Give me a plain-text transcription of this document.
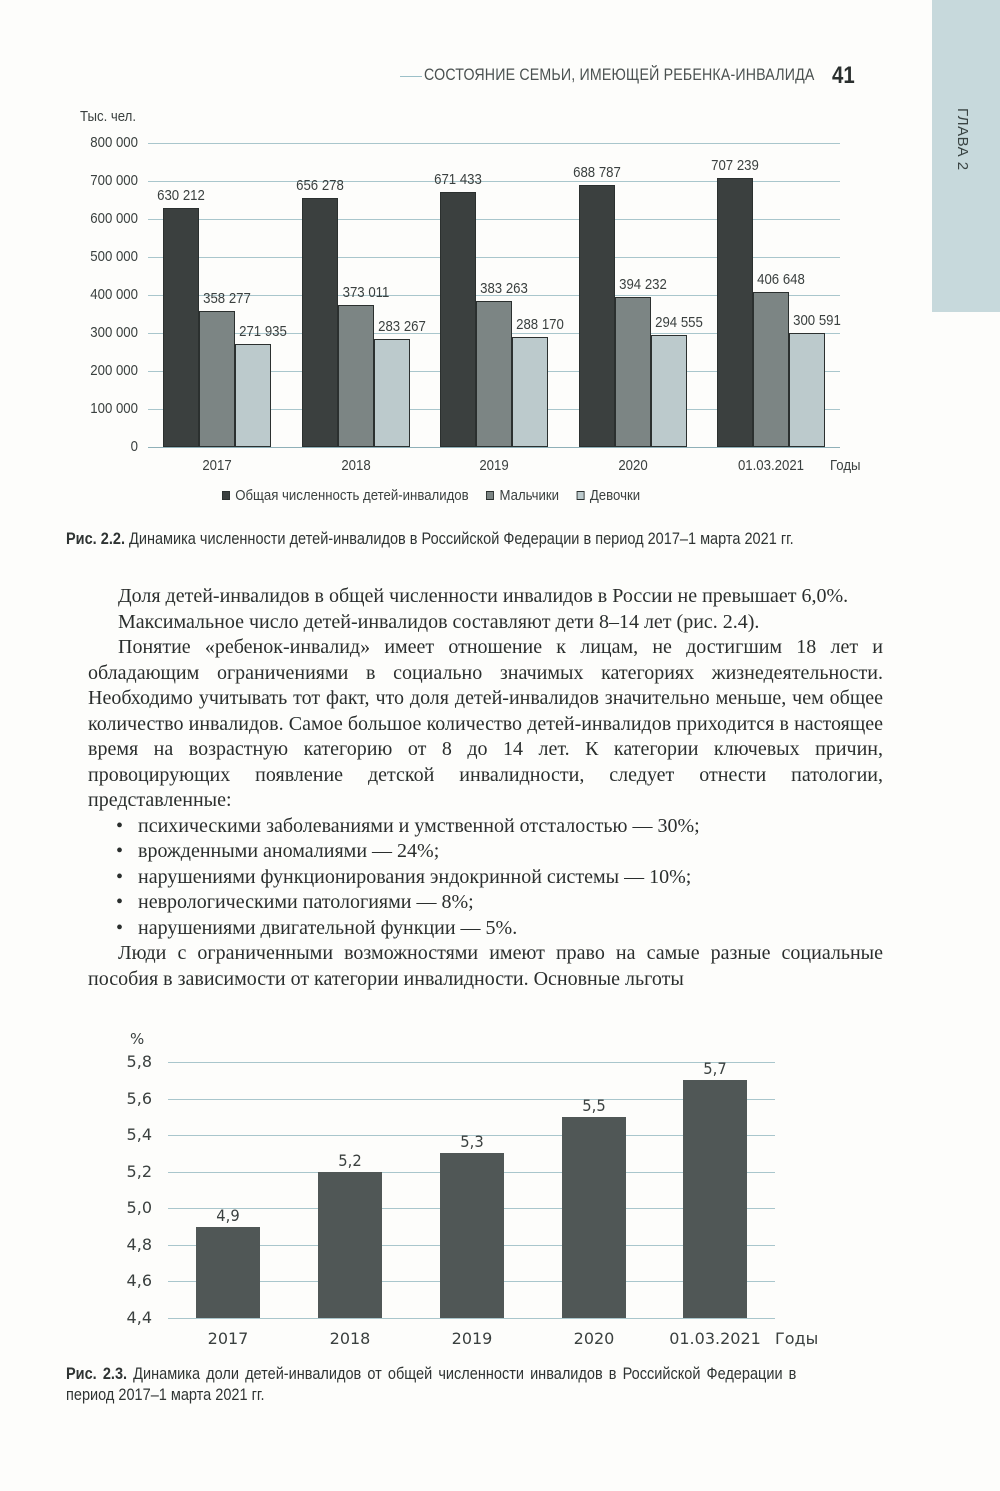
ГЛАВА 2
СОСТОЯНИЕ СЕМЬИ, ИМЕЮЩЕЙ РЕБЕНКА-ИНВАЛИДА 41
Тыс. чел.
800 000
700 000
600 000
500 000
400 000
300 000
200 000
100 000
0
630 212
358 277
271 935
656 278
373 011
283 267
671 433
383 263
288 170
688 787
394 232
294 555
707 239
406 648
300 591
2017	2018	2019	2020	01.03.2021	Годы
Общая численность детей-инвалидов Мальчики Девочки
Рис. 2.2. Динамика численности детей-инвалидов в Российской Федерации в период 2017–1 марта 2021 гг.

Доля детей-инвалидов в общей численности инвалидов в России не превышает 6,0%.

Максимальное число детей-инвалидов составляют дети 8–14 лет (рис. 2.4).

Понятие «ребенок-инвалид» имеет отношение к лицам, не достигшим 18 лет и обладающим ограничениями в социально значимых категориях жизнедеятельности. Необходимо учитывать тот факт, что доля детей-инвалидов значительно меньше, чем общее количество инвалидов. Самое большое количество детей-инвалидов приходится в настоящее время на возрастную категорию от 8 до 14 лет. К категории ключевых причин, провоцирующих появление детской инвалидности, следует отнести патологии, представленные:

• психическими заболеваниями и умственной отсталостью — 30%;
• врожденными аномалиями — 24%;
• нарушениями функционирования эндокринной системы — 10%;
• неврологическими патологиями — 8%;
• нарушениями двигательной функции — 5%.

Люди с ограниченными возможностями имеют право на самые разные социальные пособия в зависимости от категории инвалидности. Основные льготы

%
5,8
5,6
5,4
5,2
5,0
4,8
4,6
4,4
4,9
5,2
5,3
5,5
5,7
2017	2018	2019	2020	01.03.2021 Годы
Рис. 2.3. Динамика доли детей-инвалидов от общей численности инвалидов в Российской Федерации в период 2017–1 марта 2021 гг.
